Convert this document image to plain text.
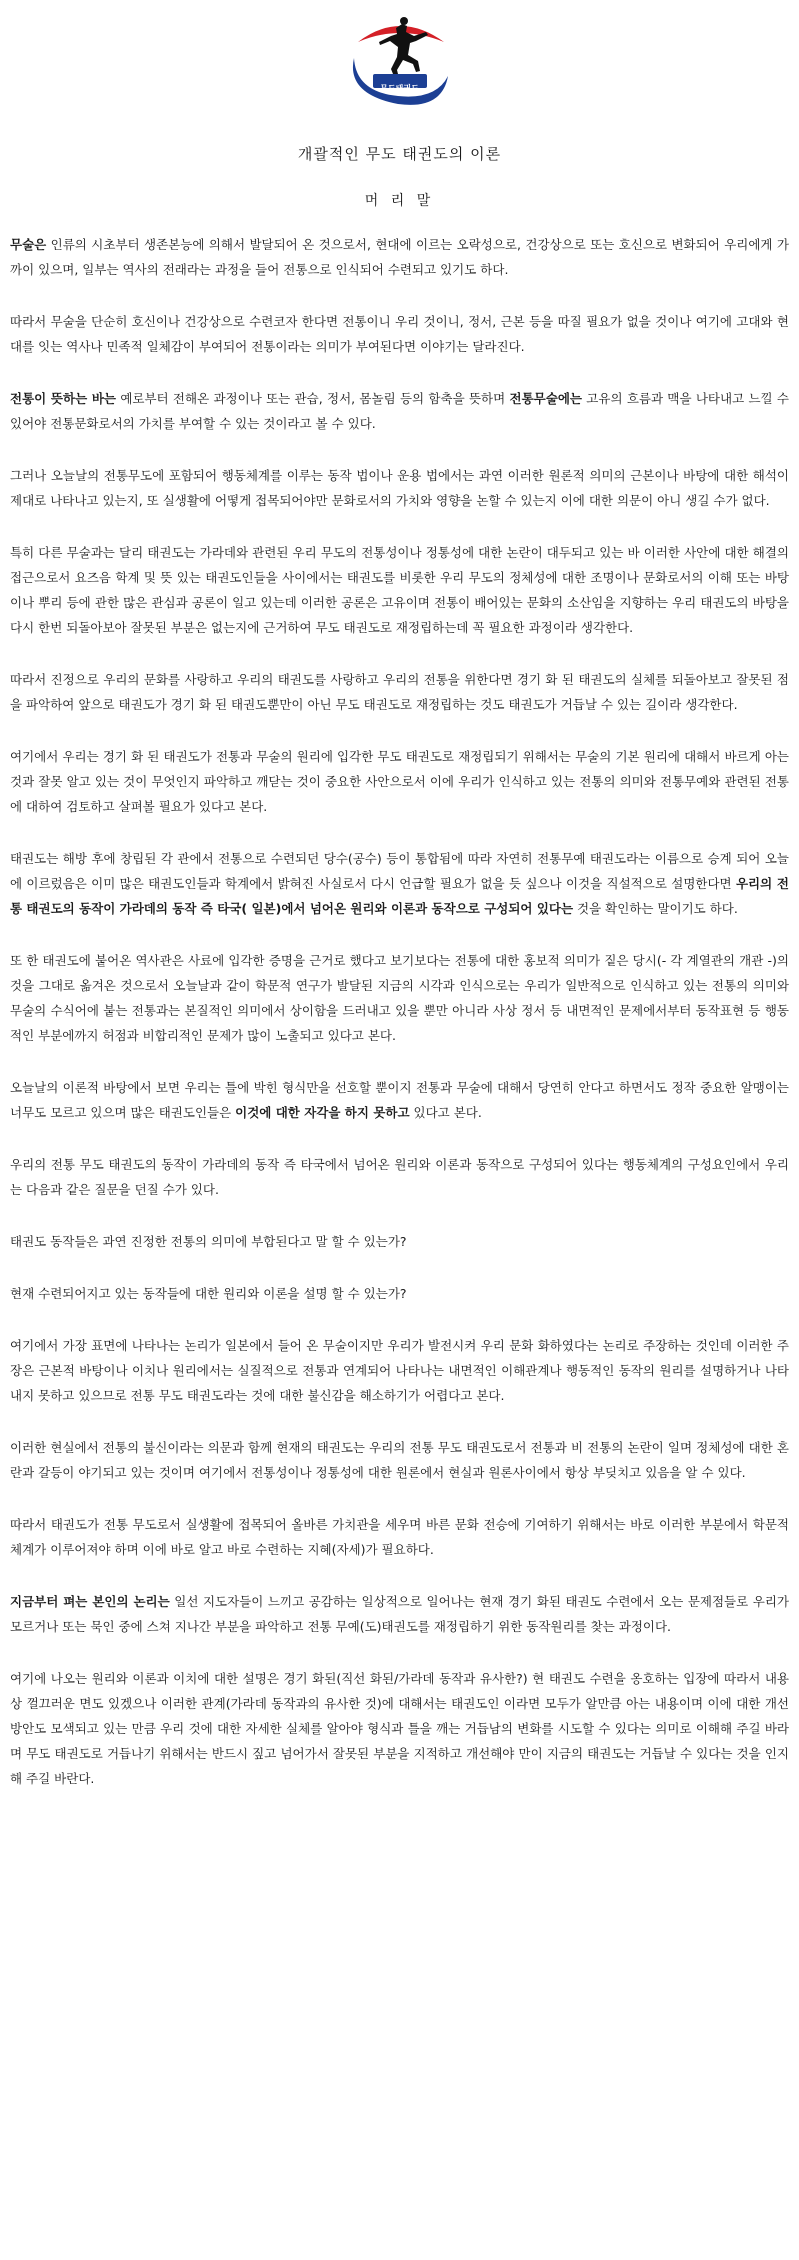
무도태권도
개괄적인 무도 태권도의 이론
머 리 말

무술은 인류의 시초부터 생존본능에 의해서 발달되어 온 것으로서, 현대에 이르는 오락성으로, 건강상으로 또는 호신으로 변화되어 우리에게 가까이 있으며, 일부는 역사의 전래라는 과정을 들어 전통으로 인식되어 수련되고 있기도 하다.

따라서 무술을 단순히 호신이나 건강상으로 수련코자 한다면 전통이니 우리 것이니, 정서, 근본 등을 따질 필요가 없을 것이나 여기에 고대와 현대를 잇는 역사나 민족적 일체감이 부여되어 전통이라는 의미가 부여된다면 이야기는 달라진다.

전통이 뜻하는 바는 예로부터 전해온 과정이나 또는 관습, 정서, 몸놀림 등의 함축을 뜻하며 전통무술에는 고유의 흐름과 맥을 나타내고 느낄 수 있어야 전통문화로서의 가치를 부여할 수 있는 것이라고 볼 수 있다.

그러나 오늘날의 전통무도에 포함되어 행동체계를 이루는 동작 법이나 운용 법에서는 과연 이러한 원론적 의미의 근본이나 바탕에 대한 해석이 제대로 나타나고 있는지, 또 실생활에 어떻게 접목되어야만 문화로서의 가치와 영향을 논할 수 있는지 이에 대한 의문이 아니 생길 수가 없다.

특히 다른 무술과는 달리 태권도는 가라데와 관련된 우리 무도의 전통성이나 정통성에 대한 논란이 대두되고 있는 바 이러한 사안에 대한 해결의 접근으로서 요즈음 학계 및 뜻 있는 태권도인들을 사이에서는 태권도를 비롯한 우리 무도의 정체성에 대한 조명이나 문화로서의 이해 또는 바탕이나 뿌리 등에 관한 많은 관심과 공론이 일고 있는데 이러한 공론은 고유이며 전통이 배어있는 문화의 소산임을 지향하는 우리 태권도의 바탕을 다시 한번 되돌아보아 잘못된 부분은 없는지에 근거하여 무도 태권도로 재정립하는데 꼭 필요한 과정이라 생각한다.

따라서 진정으로 우리의 문화를 사랑하고 우리의 태권도를 사랑하고 우리의 전통을 위한다면 경기 화 된 태권도의 실체를 되돌아보고 잘못된 점을 파악하여 앞으로 태권도가 경기 화 된 태권도뿐만이 아닌 무도 태권도로 재정립하는 것도 태권도가 거듭날 수 있는 길이라 생각한다.

여기에서 우리는 경기 화 된 태권도가 전통과 무술의 원리에 입각한 무도 태권도로 재정립되기 위해서는 무술의 기본 원리에 대해서 바르게 아는 것과 잘못 알고 있는 것이 무엇인지 파악하고 깨닫는 것이 중요한 사안으로서 이에 우리가 인식하고 있는 전통의 의미와 전통무예와 관련된 전통에 대하여 검토하고 살펴볼 필요가 있다고 본다.

태권도는 해방 후에 창립된 각 관에서 전통으로 수련되던 당수(공수) 등이 통합됨에 따라 자연히 전통무예 태권도라는 이름으로 승계 되어 오늘에 이르렀음은 이미 많은 태권도인들과 학계에서 밝혀진 사실로서 다시 언급할 필요가 없을 듯 싶으나 이것을 직설적으로 설명한다면 우리의 전통 태권도의 동작이 가라데의 동작 즉 타국( 일본)에서 넘어온 원리와 이론과 동작으로 구성되어 있다는 것을 확인하는 말이기도 하다.

또 한 태권도에 붙어온 역사관은 사료에 입각한 증명을 근거로 했다고 보기보다는 전통에 대한 홍보적 의미가 짙은 당시(- 각 계열관의 개관 -)의 것을 그대로 옮겨온 것으로서 오늘날과 같이 학문적 연구가 발달된 지금의 시각과 인식으로는 우리가 일반적으로 인식하고 있는 전통의 의미와 무술의 수식어에 붙는 전통과는 본질적인 의미에서 상이함을 드러내고 있을 뿐만 아니라 사상 정서 등 내면적인 문제에서부터 동작표현 등 행동적인 부분에까지 허점과 비합리적인 문제가 많이 노출되고 있다고 본다.

오늘날의 이론적 바탕에서 보면 우리는 틀에 박힌 형식만을 선호할 뿐이지 전통과 무술에 대해서 당연히 안다고 하면서도 정작 중요한 알맹이는 너무도 모르고 있으며 많은 태권도인들은 이것에 대한 자각을 하지 못하고 있다고 본다.

우리의 전통 무도 태권도의 동작이 가라데의 동작 즉 타국에서 넘어온 원리와 이론과 동작으로 구성되어 있다는 행동체계의 구성요인에서 우리는 다음과 같은 질문을 던질 수가 있다.

태권도 동작들은 과연 진정한 전통의 의미에 부합된다고 말 할 수 있는가?

현재 수련되어지고 있는 동작들에 대한 원리와 이론을 설명 할 수 있는가?

여기에서 가장 표면에 나타나는 논리가 일본에서 들어 온 무술이지만 우리가 발전시켜 우리 문화 화하였다는 논리로 주장하는 것인데 이러한 주장은 근본적 바탕이나 이치나 원리에서는 실질적으로 전통과 연계되어 나타나는 내면적인 이해관계나 행동적인 동작의 원리를 설명하거나 나타내지 못하고 있으므로 전통 무도 태권도라는 것에 대한 불신감을 해소하기가 어렵다고 본다.

이러한 현실에서 전통의 불신이라는 의문과 함께 현재의 태권도는 우리의 전통 무도 태권도로서 전통과 비 전통의 논란이 일며 정체성에 대한 혼란과 갈등이 야기되고 있는 것이며 여기에서 전통성이나 정통성에 대한 원론에서 현실과 원론사이에서 항상 부딪치고 있음을 알 수 있다.

따라서 태권도가 전통 무도로서 실생활에 접목되어 올바른 가치관을 세우며 바른 문화 전승에 기여하기 위해서는 바로 이러한 부분에서 학문적 체계가 이루어져야 하며 이에 바로 알고 바로 수련하는 지혜(자세)가 필요하다.

지금부터 펴는 본인의 논리는 일선 지도자들이 느끼고 공감하는 일상적으로 일어나는 현재 경기 화된 태권도 수련에서 오는 문제점들로 우리가 모르거나 또는 묵인 중에 스쳐 지나간 부분을 파악하고 전통 무예(도)태권도를 재정립하기 위한 동작원리를 찾는 과정이다.

여기에 나오는 원리와 이론과 이치에 대한 설명은 경기 화된(직선 화된/가라데 동작과 유사한?) 현 태권도 수련을 옹호하는 입장에 따라서 내용상 껄끄러운 면도 있겠으나 이러한 관계(가라데 동작과의 유사한 것)에 대해서는 태권도인 이라면 모두가 알만큼 아는 내용이며 이에 대한 개선 방안도 모색되고 있는 만큼 우리 것에 대한 자세한 실체를 알아야 형식과 틀을 깨는 거듭남의 변화를 시도할 수 있다는 의미로 이해해 주길 바라며 무도 태권도로 거듭나기 위해서는 반드시 짚고 넘어가서 잘못된 부분을 지적하고 개선해야 만이 지금의 태권도는 거듭날 수 있다는 것을 인지 해 주길 바란다.
